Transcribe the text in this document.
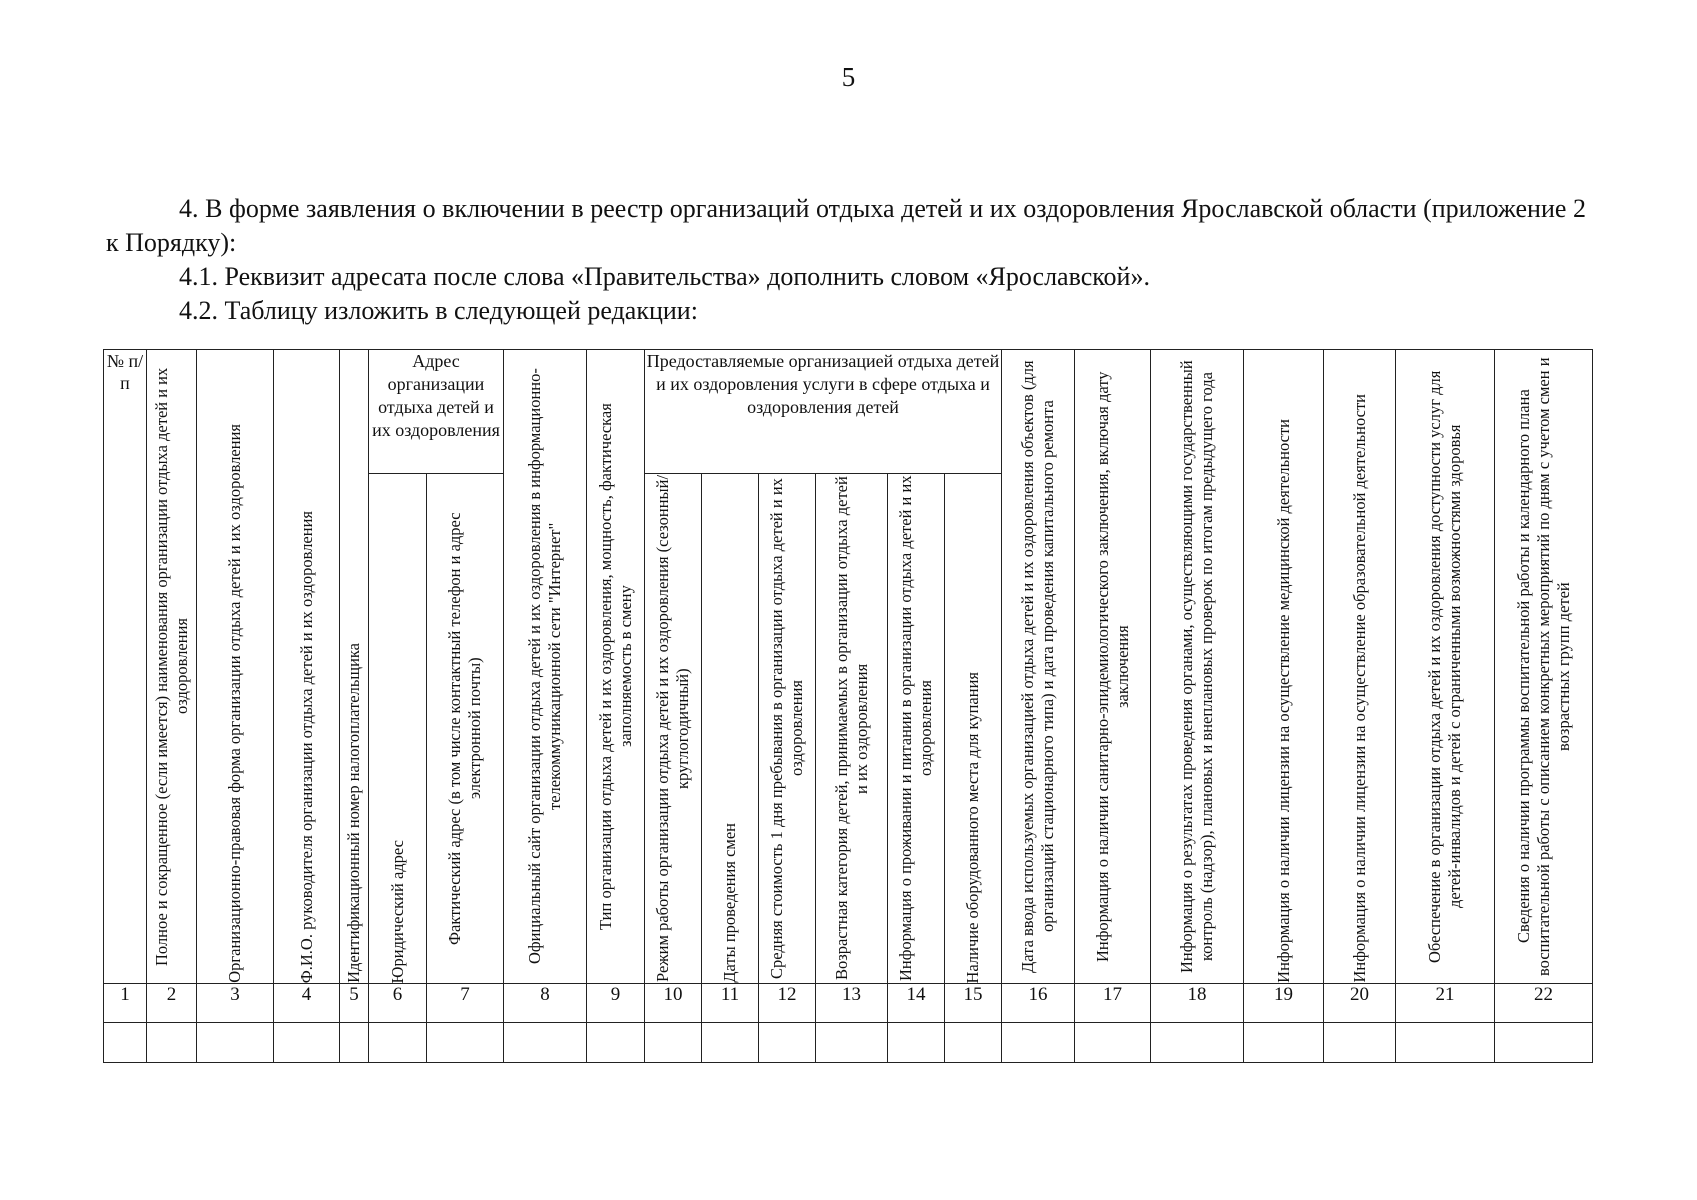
5
4. В форме заявления о включении в реестр организаций отдыха детей и их оздоровления Ярославской области (приложение 2 к Порядку):
4.1. Реквизит адресата после слова «Правительства» дополнить словом «Ярославской».
4.2. Таблицу изложить в следующей редакции:
№ п/п	Полное и сокращенное (если имеется) наименования организации отдыха детей и их оздоровления	Организационно-правовая форма организации отдыха детей и их оздоровления	Ф.И.О. руководителя организации отдыха детей и их оздоровления	Идентификационный номер налогоплательщика	Адрес организации отдыха детей и их оздоровления		Официальный сайт организации отдыха детей и их оздоровления в информационно-телекоммуникационной сети "Интернет"	Тип организации отдыха детей и их оздоровления, мощность, фактическая заполняемость в смену	Предоставляемые организацией отдыха детей и их оздоровления услуги в сфере отдыха и оздоровления детей						Дата ввода используемых организацией отдыха детей и их оздоровления объектов (для организаций стационарного типа) и дата проведения капитального ремонта	Информация о наличии санитарно-эпидемиологического заключения, включая дату заключения	Информация о результатах проведения органами, осуществляющими государственный контроль (надзор), плановых и внеплановых проверок по итогам предыдущего года	Информация о наличии лицензии на осуществление медицинской деятельности	Информация о наличии лицензии на осуществление образовательной деятельности	Обеспечение в организации отдыха детей и их оздоровления доступности услуг для детей-инвалидов и детей с ограниченными возможностями здоровья	Сведения о наличии программы воспитательной работы и календарного плана воспитательной работы с описанием конкретных мероприятий по дням с учетом смен и возрастных групп детей

					Юридический адрес	Фактический адрес (в том числе контактный телефон и адрес электронной почты)			Режим работы организации отдыха детей и их оздоровления (сезонный/круглогодичный)	Даты проведения смен	Средняя стоимость 1 дня пребывания в организации отдыха детей и их оздоровления	Возрастная категория детей, принимаемых в организации отдыха детей и их оздоровления	Информация о проживании и питании в организации отдыха детей и их оздоровления	Наличие оборудованного места для купания							

1	2	3	4	5	6	7	8	9	10	11	12	13	14	15	16	17	18	19	20	21	22
